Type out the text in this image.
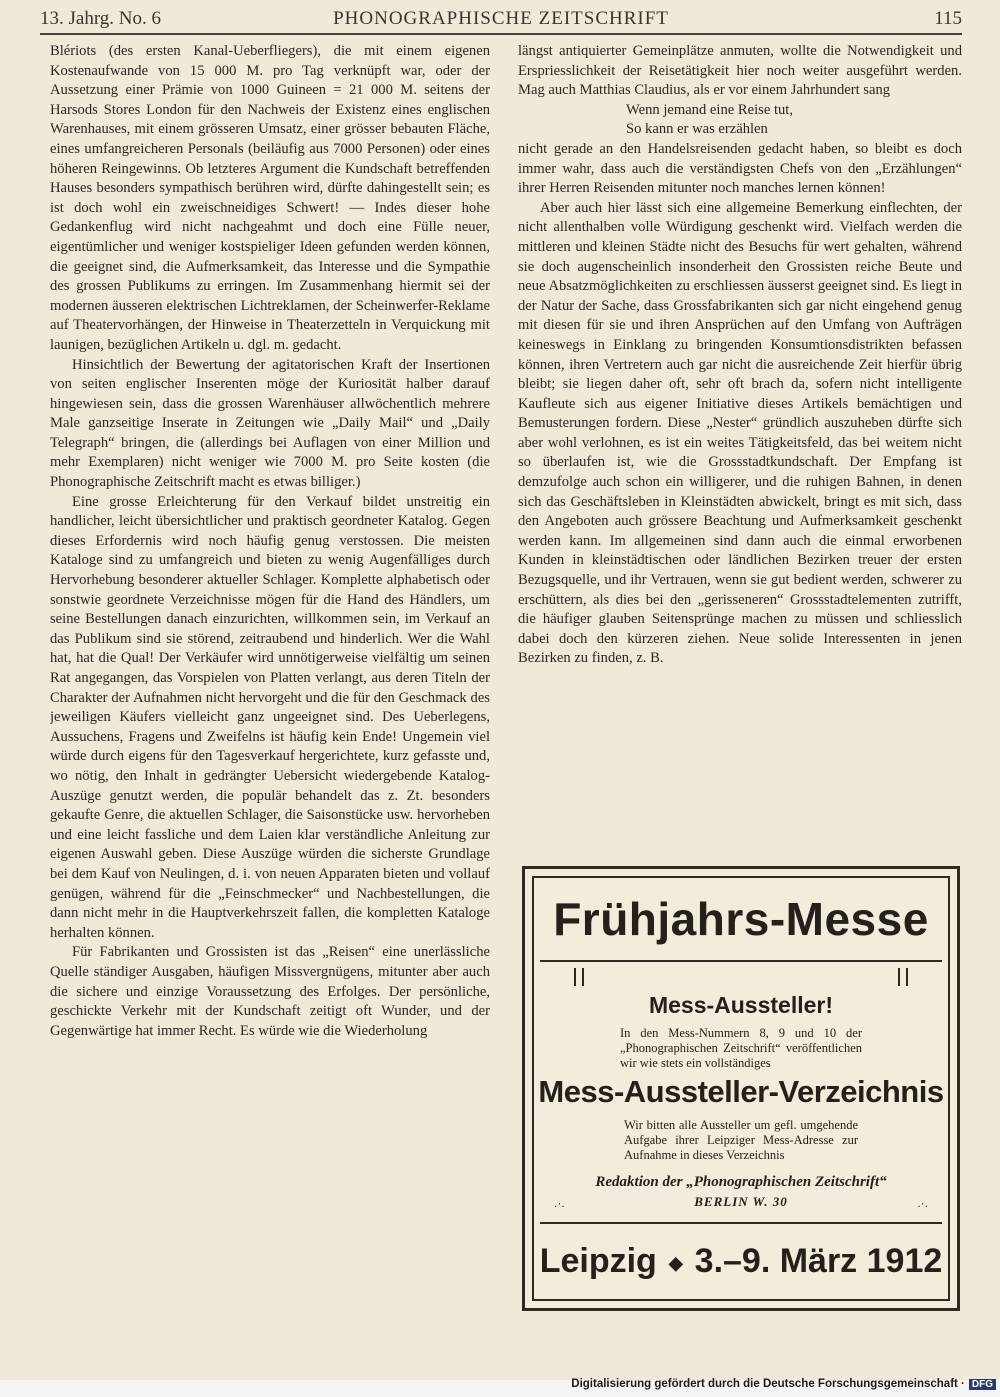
13. Jahrg. No. 6	PHONOGRAPHISCHE ZEITSCHRIFT	115

Blériots (des ersten Kanal-Ueberfliegers), die mit einem eigenen Kostenaufwande von 15 000 M. pro Tag verknüpft war, oder der Aussetzung einer Prämie von 1000 Guineen = 21 000 M. seitens der Harsods Stores London für den Nachweis der Existenz eines englischen Warenhauses, mit einem grösseren Umsatz, einer grösser bebauten Fläche, eines umfangreicheren Personals (beiläufig aus 7000 Personen) oder eines höheren Reingewinns. Ob letzteres Argument die Kundschaft betreffenden Hauses besonders sympathisch berühren wird, dürfte dahingestellt sein; es ist doch wohl ein zweischneidiges Schwert! — Indes dieser hohe Gedankenflug wird nicht nachgeahmt und doch eine Fülle neuer, eigentümlicher und weniger kostspieliger Ideen gefunden werden können, die geeignet sind, die Aufmerksamkeit, das Interesse und die Sympathie des grossen Publikums zu erringen. Im Zusammenhang hiermit sei der modernen äusseren elektrischen Lichtreklamen, der Scheinwerfer-Reklame auf Theatervorhängen, der Hinweise in Theaterzetteln in Verquickung mit launigen, bezüglichen Artikeln u. dgl. m. gedacht.

Hinsichtlich der Bewertung der agitatorischen Kraft der Insertionen von seiten englischer Inserenten möge der Kuriosität halber darauf hingewiesen sein, dass die grossen Warenhäuser allwöchentlich mehrere Male ganzseitige Inserate in Zeitungen wie „Daily Mail“ und „Daily Telegraph“ bringen, die (allerdings bei Auflagen von einer Million und mehr Exemplaren) nicht weniger wie 7000 M. pro Seite kosten (die Phonographische Zeitschrift macht es etwas billiger.)

Eine grosse Erleichterung für den Verkauf bildet unstreitig ein handlicher, leicht übersichtlicher und praktisch geordneter Katalog. Gegen dieses Erfordernis wird noch häufig genug verstossen. Die meisten Kataloge sind zu umfangreich und bieten zu wenig Augenfälliges durch Hervorhebung besonderer aktueller Schlager. Komplette alphabetisch oder sonstwie geordnete Verzeichnisse mögen für die Hand des Händlers, um seine Bestellungen danach einzurichten, willkommen sein, im Verkauf an das Publikum sind sie störend, zeitraubend und hinderlich. Wer die Wahl hat, hat die Qual! Der Verkäufer wird unnötigerweise vielfältig um seinen Rat angegangen, das Vorspielen von Platten verlangt, aus deren Titeln der Charakter der Aufnahmen nicht hervorgeht und die für den Geschmack des jeweiligen Käufers vielleicht ganz ungeeignet sind. Des Ueberlegens, Aussuchens, Fragens und Zweifelns ist häufig kein Ende! Ungemein viel würde durch eigens für den Tagesverkauf hergerichtete, kurz gefasste und, wo nötig, den Inhalt in gedrängter Uebersicht wiedergebende Katalog-Auszüge genutzt werden, die populär behandelt das z. Zt. besonders gekaufte Genre, die aktuellen Schlager, die Saisonstücke usw. hervorheben und eine leicht fassliche und dem Laien klar verständliche Anleitung zur eigenen Auswahl geben. Diese Auszüge würden die sicherste Grundlage bei dem Kauf von Neulingen, d. i. von neuen Apparaten bieten und vollauf genügen, während für die „Feinschmecker“ und Nachbestellungen, die dann nicht mehr in die Hauptverkehrszeit fallen, die kompletten Kataloge herhalten können.

Für Fabrikanten und Grossisten ist das „Reisen“ eine unerlässliche Quelle ständiger Ausgaben, häufigen Missvergnügens, mitunter aber auch die sichere und einzige Voraussetzung des Erfolges. Der persönliche, geschickte Verkehr mit der Kundschaft zeitigt oft Wunder, und der Gegenwärtige hat immer Recht. Es würde wie die Wiederholung

längst antiquierter Gemeinplätze anmuten, wollte die Notwendigkeit und Erspriesslichkeit der Reisetätigkeit hier noch weiter ausgeführt werden. Mag auch Matthias Claudius, als er vor einem Jahrhundert sang

Wenn jemand eine Reise tut,

So kann er was erzählen

nicht gerade an den Handelsreisenden gedacht haben, so bleibt es doch immer wahr, dass auch die verständigsten Chefs von den „Erzählungen“ ihrer Herren Reisenden mitunter noch manches lernen können!

Aber auch hier lässt sich eine allgemeine Bemerkung einflechten, der nicht allenthalben volle Würdigung geschenkt wird. Vielfach werden die mittleren und kleinen Städte nicht des Besuchs für wert gehalten, während sie doch augenscheinlich insonderheit den Grossisten reiche Beute und neue Absatzmöglichkeiten zu erschliessen äusserst geeignet sind. Es liegt in der Natur der Sache, dass Grossfabrikanten sich gar nicht eingehend genug mit diesen für sie und ihren Ansprüchen auf den Umfang von Aufträgen keineswegs in Einklang zu bringenden Konsumtionsdistrikten befassen können, ihren Vertretern auch gar nicht die ausreichende Zeit hierfür übrig bleibt; sie liegen daher oft, sehr oft brach da, sofern nicht intelligente Kaufleute sich aus eigener Initiative dieses Artikels bemächtigen und Bemusterungen fordern. Diese „Nester“ gründlich auszuheben dürfte sich aber wohl verlohnen, es ist ein weites Tätigkeitsfeld, das bei weitem nicht so überlaufen ist, wie die Grossstadtkundschaft. Der Empfang ist demzufolge auch schon ein willigerer, und die ruhigen Bahnen, in denen sich das Geschäftsleben in Kleinstädten abwickelt, bringt es mit sich, dass den Angeboten auch grössere Beachtung und Aufmerksamkeit geschenkt werden kann. Im allgemeinen sind dann auch die einmal erworbenen Kunden in kleinstädtischen oder ländlichen Bezirken treuer der ersten Bezugsquelle, und ihr Vertrauen, wenn sie gut bedient werden, schwerer zu erschüttern, als dies bei den „gerisseneren“ Grossstadtelementen zutrifft, die häufiger glauben Seitensprünge machen zu müssen und schliesslich dabei doch den kürzeren ziehen. Neue solide Interessenten in jenen Bezirken zu finden, z. B.

Frühjahrs-Messe
Mess-Aussteller!
In den Mess-Nummern 8, 9 und 10 der „Phonographischen Zeitschrift“ veröffentlichen wir wie stets ein vollständiges
Mess-Aussteller-Verzeichnis
Wir bitten alle Aussteller um gefl. umgehende Aufgabe ihrer Leipziger Mess-Adresse zur Aufnahme in dieses Verzeichnis
Redaktion der „Phonographischen Zeitschrift“
.·.	BERLIN W. 30	.·.
Leipzig ◆ 3.–9. März 1912
Digitalisierung gefördert durch die Deutsche Forschungsgemeinschaft · DFG
